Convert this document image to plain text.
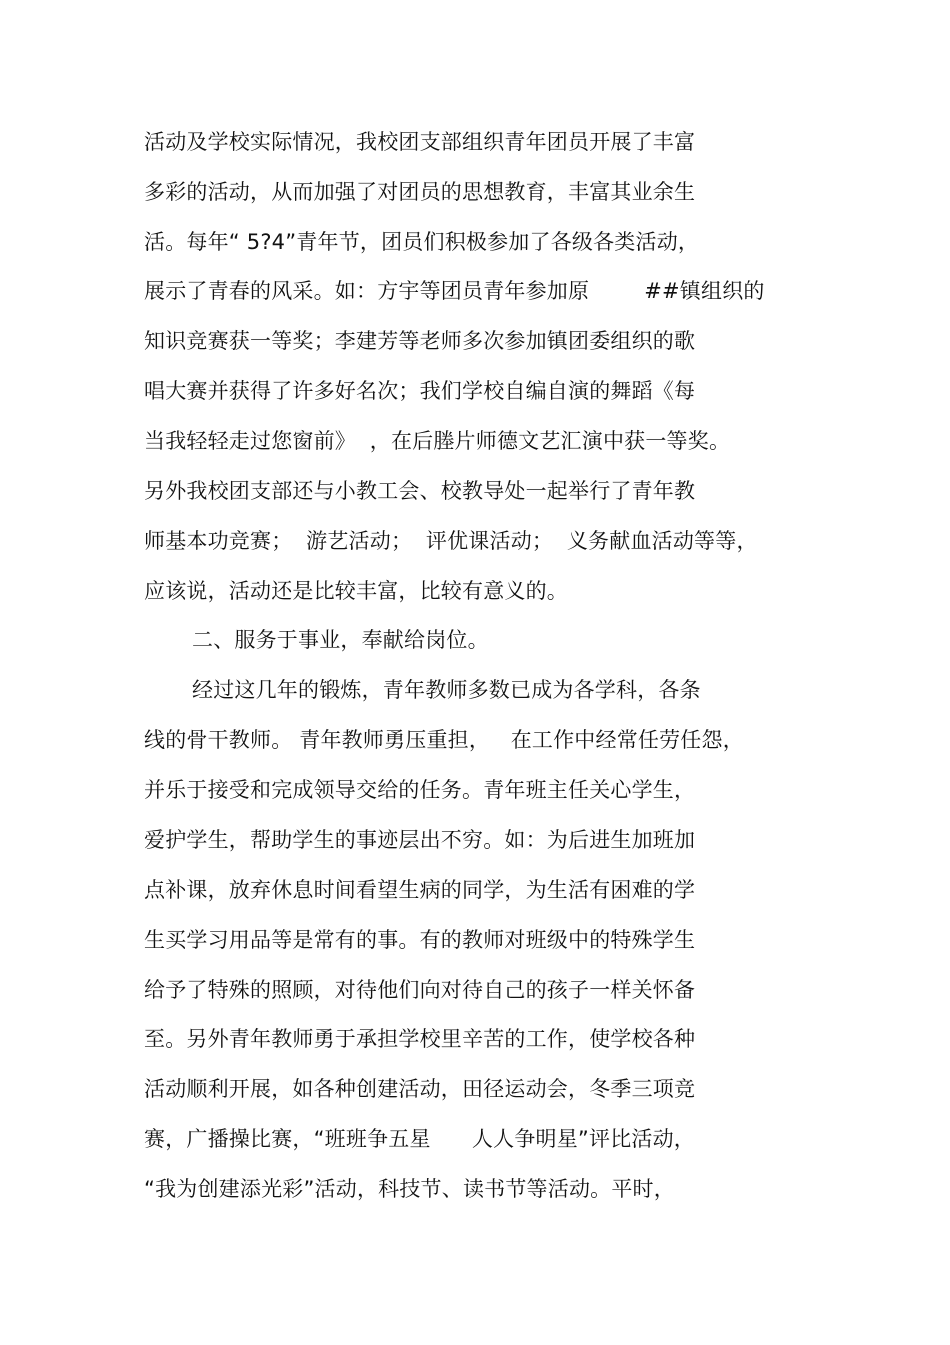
活动及学校实际情况，我校团支部组织青年团员开展了丰富
多彩的活动，从而加强了对团员的思想教育，丰富其业余生
活。每年“ 5?4”青年节，团员们积极参加了各级各类活动，
展示了青春的风采。如：方宇等团员青年参加原        ##镇组织的
知识竞赛获一等奖；李建芳等老师多次参加镇团委组织的歌
唱大赛并获得了许多好名次；我们学校自编自演的舞蹈《每
当我轻轻走过您窗前》  ，在后塍片师德文艺汇演中获一等奖。
另外我校团支部还与小教工会、校教导处一起举行了青年教
师基本功竞赛；  游艺活动；  评优课活动；  义务献血活动等等，
应该说，活动还是比较丰富，比较有意义的。
二、服务于事业，奉献给岗位。
经过这几年的锻炼，青年教师多数已成为各学科，各条
线的骨干教师。 青年教师勇压重担，   在工作中经常任劳任怨，
并乐于接受和完成领导交给的任务。青年班主任关心学生，
爱护学生，帮助学生的事迹层出不穷。如：为后进生加班加
点补课，放弃休息时间看望生病的同学，为生活有困难的学
生买学习用品等是常有的事。有的教师对班级中的特殊学生
给予了特殊的照顾，对待他们向对待自己的孩子一样关怀备
至。另外青年教师勇于承担学校里辛苦的工作，使学校各种
活动顺利开展，如各种创建活动，田径运动会，冬季三项竞
赛，广播操比赛，“班班争五星      人人争明星”评比活动，
“我为创建添光彩”活动，科技节、读书节等活动。平时，
